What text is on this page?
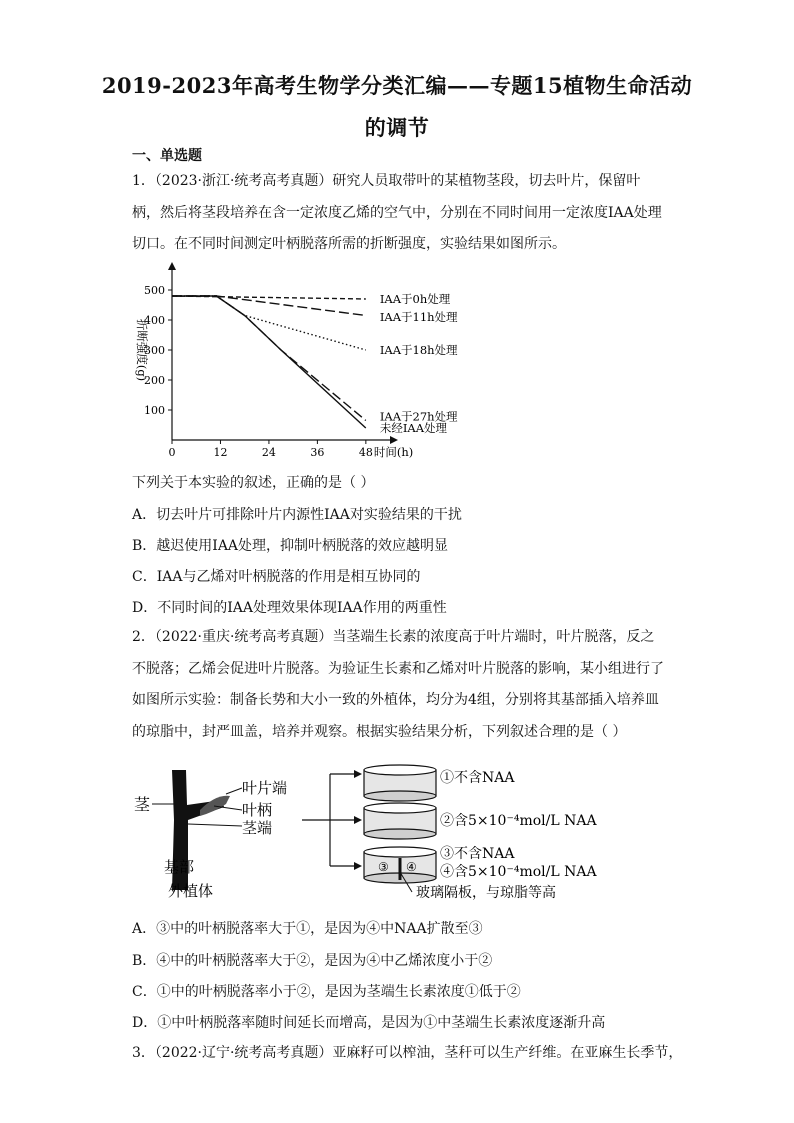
2019-2023年高考生物学分类汇编——专题15植物生命活动
的调节
一、单选题
1．（2023·浙江·统考高考真题）研究人员取带叶的某植物茎段，切去叶片，保留叶柄，然后将茎段培养在含一定浓度乙烯的空气中，分别在不同时间用一定浓度IAA处理切口。在不同时间测定叶柄脱落所需的折断强度，实验结果如图所示。
0	12	24	36	48
100
200
300
400
500
IAA于0h处理
IAA于11h处理
IAA于18h处理
IAA于27h处理
未经IAA处理
时间(h)
折断强度(g)
下列关于本实验的叙述，正确的是（ ）
A．切去叶片可排除叶片内源性IAA对实验结果的干扰
B．越迟使用IAA处理，抑制叶柄脱落的效应越明显
C．IAA与乙烯对叶柄脱落的作用是相互协同的
D．不同时间的IAA处理效果体现IAA作用的两重性
2．（2022·重庆·统考高考真题）当茎端生长素的浓度高于叶片端时，叶片脱落，反之不脱落；乙烯会促进叶片脱落。为验证生长素和乙烯对叶片脱落的影响，某小组进行了如图所示实验：制备长势和大小一致的外植体，均分为4组，分别将其基部插入培养皿的琼脂中，封严皿盖，培养并观察。根据实验结果分析，下列叙述合理的是（ ）
茎
叶片端
叶柄
茎端
基部
外植体
①不含NAA
②含5×10⁻⁴mol/L NAA
③ ④
③不含NAA
④含5×10⁻⁴mol/L NAA
玻璃隔板，与琼脂等高
A．③中的叶柄脱落率大于①，是因为④中NAA扩散至③
B．④中的叶柄脱落率大于②，是因为④中乙烯浓度小于②
C．①中的叶柄脱落率小于②，是因为茎端生长素浓度①低于②
D．①中叶柄脱落率随时间延长而增高，是因为①中茎端生长素浓度逐渐升高
3．（2022·辽宁·统考高考真题）亚麻籽可以榨油，茎秆可以生产纤维。在亚麻生长季节，
